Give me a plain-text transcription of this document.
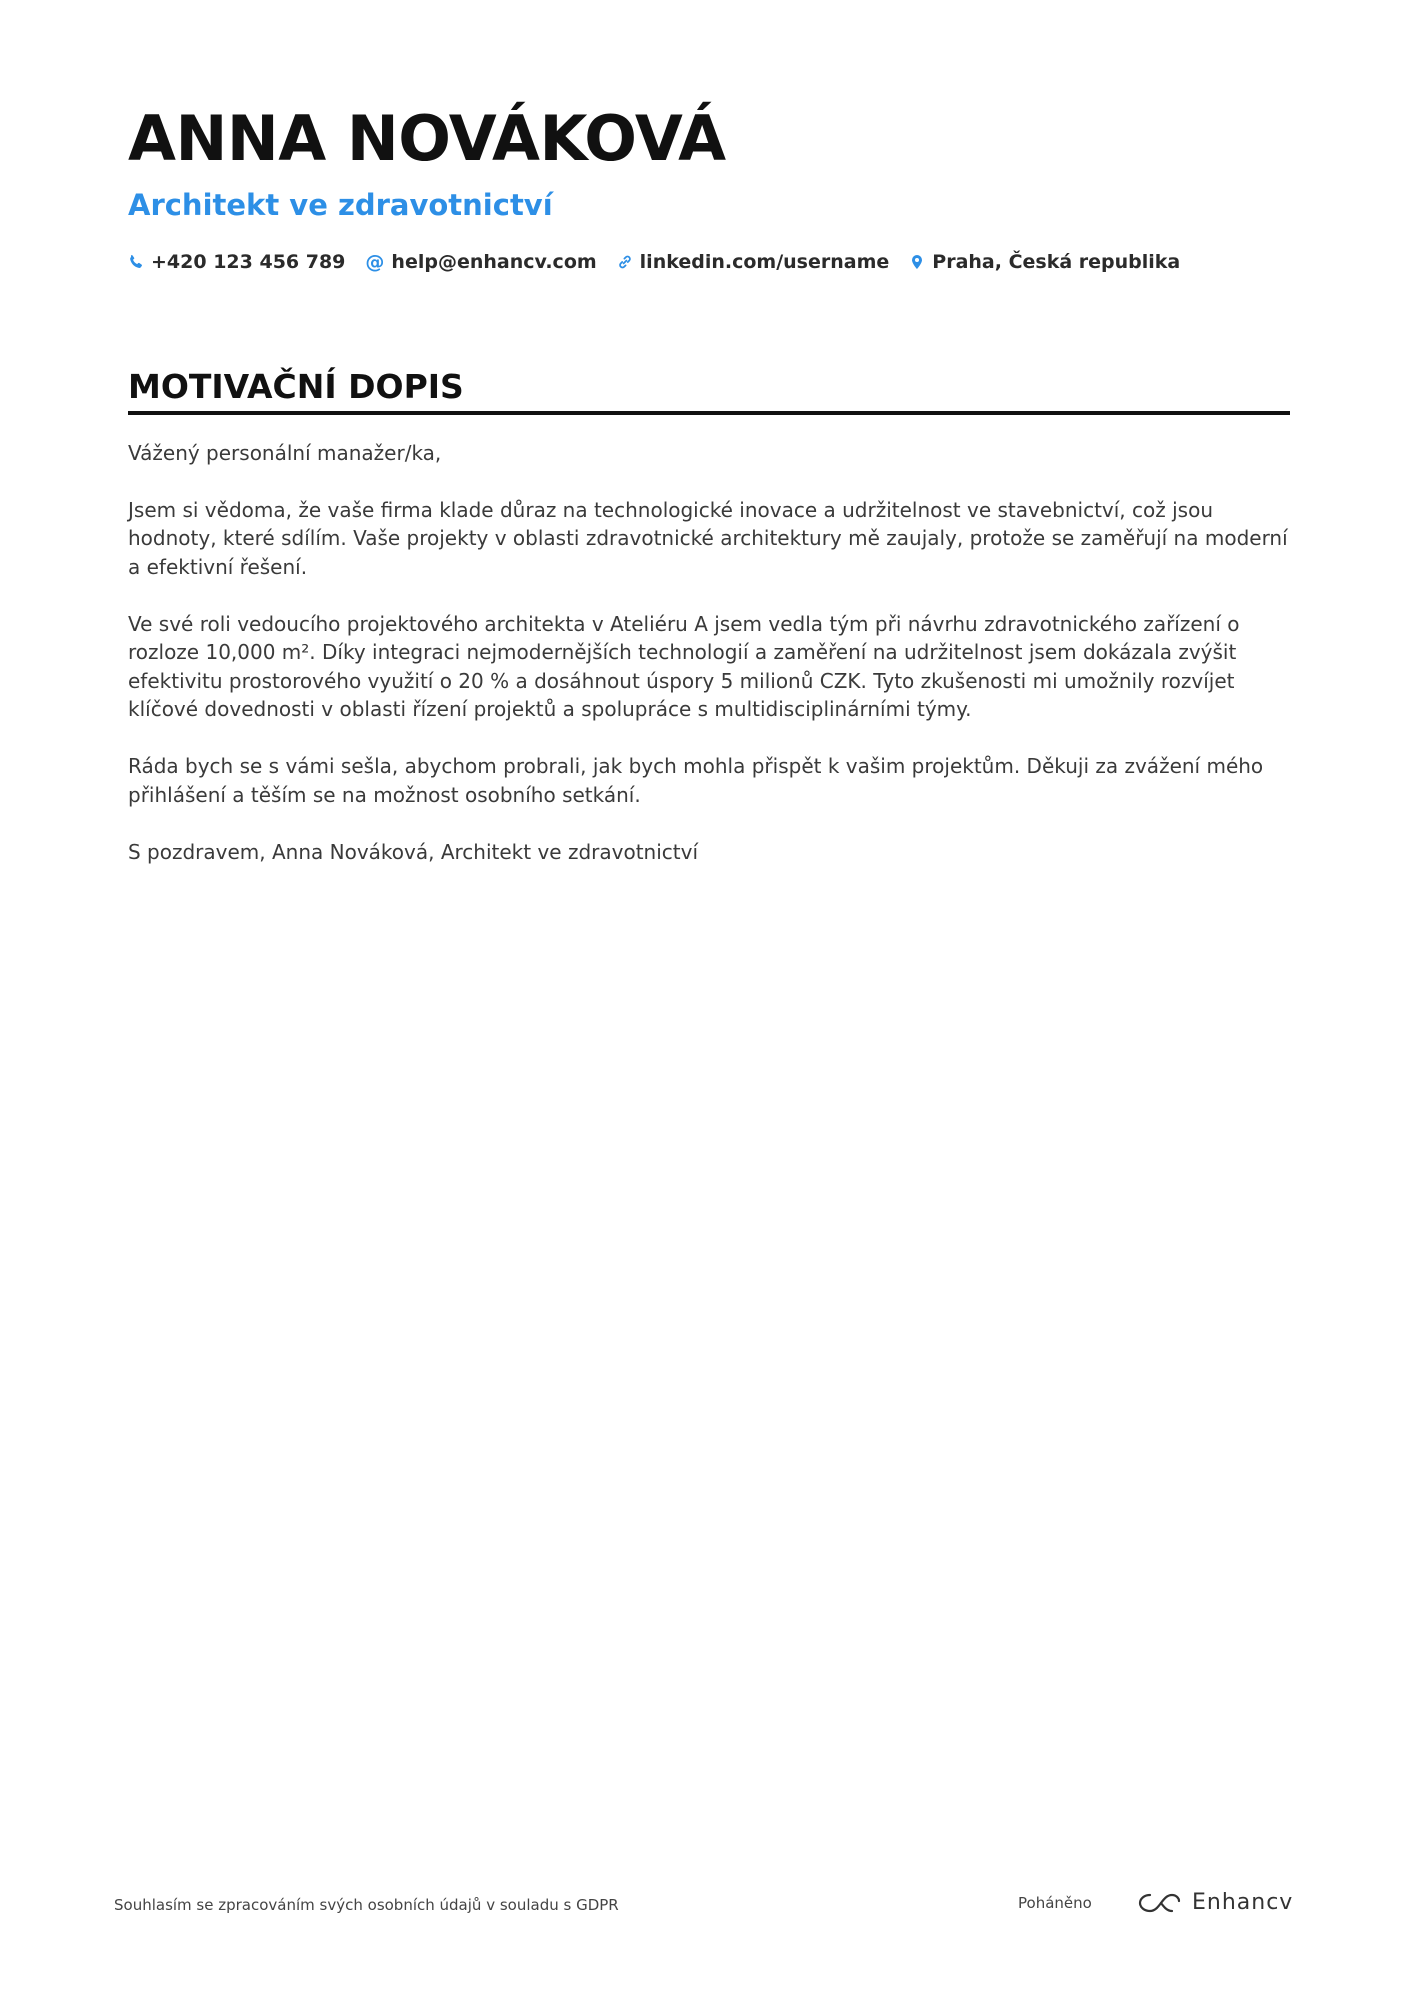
ANNA NOVÁKOVÁ
Architekt ve zdravotnictví
+420 123 456 789 @ help@enhancv.com linkedin.com/username Praha, Česká republika
MOTIVAČNÍ DOPIS

Vážený personální manažer/ka,

Jsem si vědoma, že vaše firma klade důraz na technologické inovace a udržitelnost ve stavebnictví, což jsou hodnoty, které sdílím. Vaše projekty v oblasti zdravotnické architektury mě zaujaly, protože se zaměřují na moderní a efektivní řešení.

Ve své roli vedoucího projektového architekta v Ateliéru A jsem vedla tým při návrhu zdravotnického zařízení o rozloze 10,000 m². Díky integraci nejmodernějších technologií a zaměření na udržitelnost jsem dokázala zvýšit efektivitu prostorového využití o 20 % a dosáhnout úspory 5 milionů CZK. Tyto zkušenosti mi umožnily rozvíjet klíčové dovednosti v oblasti řízení projektů a spolupráce s multidisciplinárními týmy.

Ráda bych se s vámi sešla, abychom probrali, jak bych mohla přispět k vašim projektům. Děkuji za zvážení mého přihlášení a těším se na možnost osobního setkání.

S pozdravem, Anna Nováková, Architekt ve zdravotnictví

Souhlasím se zpracováním svých osobních údajů v souladu s GDPR	Poháněno	Enhancv
